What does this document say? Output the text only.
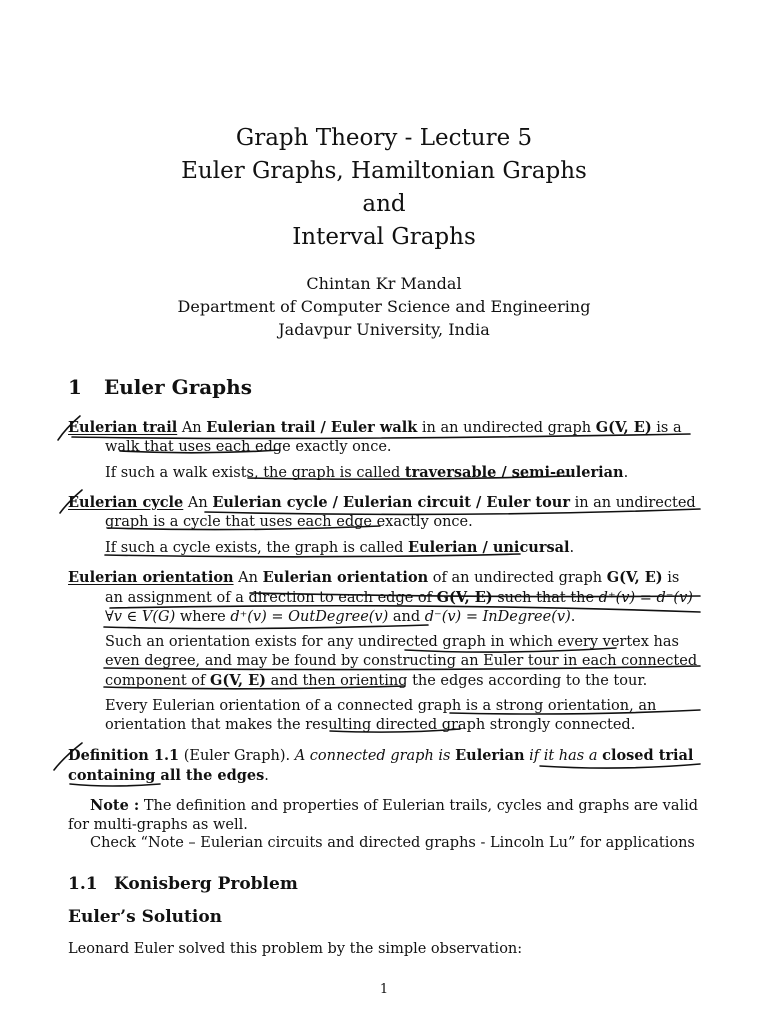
Graph Theory - Lecture 5
Euler Graphs, Hamiltonian Graphs
and
Interval Graphs
Chintan Kr Mandal
Department of Computer Science and Engineering
Jadavpur University, India
1 Euler Graphs
Eulerian trail An Eulerian trail / Euler walk in an undirected graph G(V, E) is a walk that uses each edge exactly once.
If such a walk exists, the graph is called traversable / semi-eulerian.
Eulerian cycle An Eulerian cycle / Eulerian circuit / Euler tour in an undirected graph is a cycle that uses each edge exactly once.
If such a cycle exists, the graph is called Eulerian / unicursal.
Eulerian orientation An Eulerian orientation of an undirected graph G(V, E) is an assignment of a direction to each edge of G(V, E) such that the d⁺(v) = d⁻(v) ∀v ∈ V(G) where d⁺(v) = OutDegree(v) and d⁻(v) = InDegree(v).
Such an orientation exists for any undirected graph in which every vertex has even degree, and may be found by constructing an Euler tour in each connected component of G(V, E) and then orienting the edges according to the tour.
Every Eulerian orientation of a connected graph is a strong orientation, an orientation that makes the resulting directed graph strongly connected.
Definition 1.1 (Euler Graph). A connected graph is Eulerian if it has a closed trial containing all the edges.
Note : The definition and properties of Eulerian trails, cycles and graphs are valid for multi-graphs as well.
Check “Note – Eulerian circuits and directed graphs - Lincoln Lu” for applications
1.1 Konisberg Problem
Euler’s Solution
Leonard Euler solved this problem by the simple observation:
1
